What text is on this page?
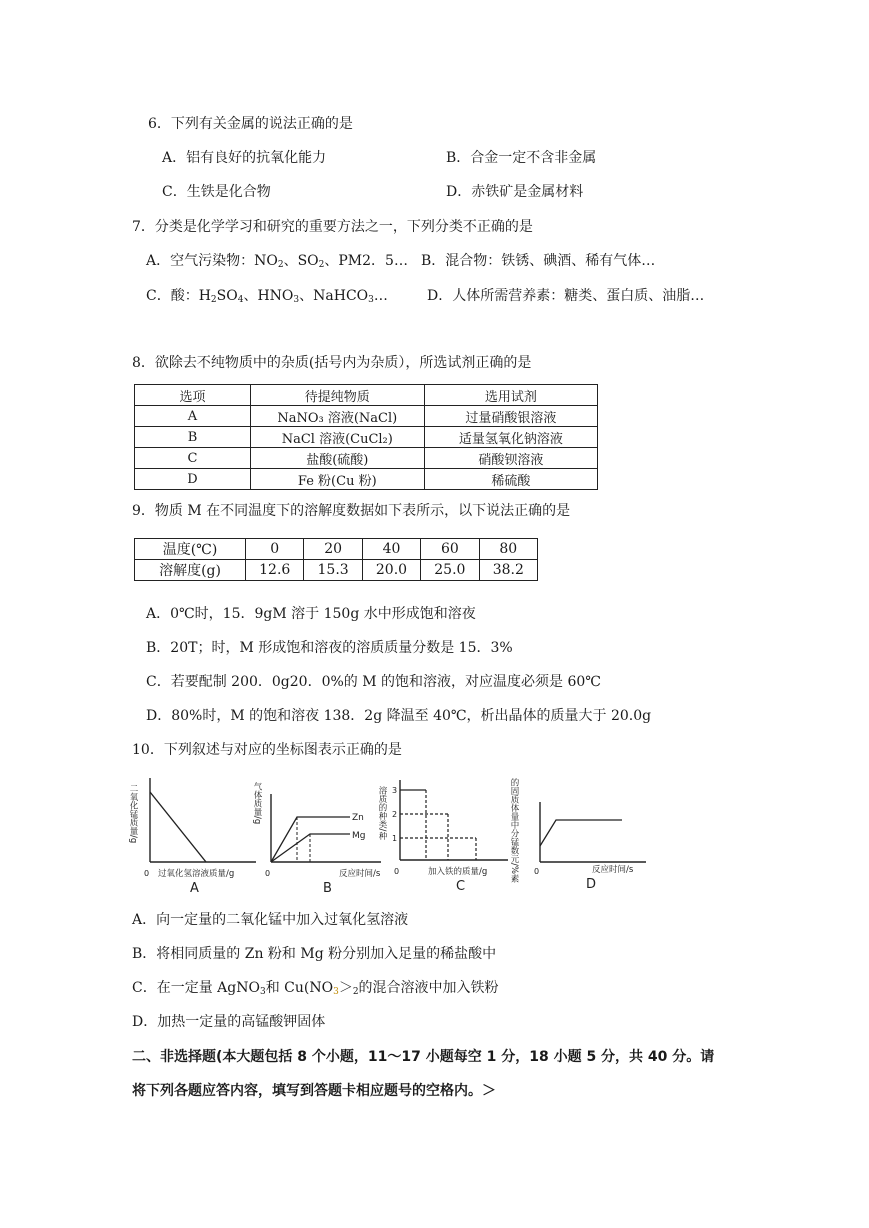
6．下列有关金属的说法正确的是
A．铝有良好的抗氧化能力	B．合金一定不含非金属
C．生铁是化合物	D．赤铁矿是金属材料
7．分类是化学学习和研究的重要方法之一，下列分类不正确的是
A．空气污染物：$NO_2$、$SO_2$、PM2．5… B．混合物：铁锈、碘酒、稀有气体…
C．酸：$H_2SO_4$、$HNO_3$、NaHCO$_3$…	D．人体所需营养素：糖类、蛋白质、油脂…
8．欲除去不纯物质中的杂质(括号内为杂质），所选试剂正确的是
选项	待提纯物质	选用试剂
A	NaNO₃ 溶液(NaCl)	过量硝酸银溶液
B	NaCl 溶液(CuCl₂)	适量氢氧化钠溶液
C	盐酸(硫酸)	硝酸钡溶液
D	Fe 粉(Cu 粉)	稀硫酸
9．物质 M 在不同温度下的溶解度数据如下表所示，以下说法正确的是
温度(℃)	0	20	40	60	80
溶解度(g)	12.6	15.3	20.0	25.0	38.2
A．0℃时，15．9gM 溶于 150g 水中形成饱和溶夜
B．20T；时，M 形成饱和溶夜的溶质质量分数是 15．3%
C．若要配制 200．0g20．0%的 M 的饱和溶液，对应温度必须是 60℃
D．80%时，M 的饱和溶夜 138．2g 降温至 40℃，析出晶体的质量大于 20.0g
10．下列叙述与对应的坐标图表示正确的是
二氧化锰质量/g
0 过氧化氢溶液质量/g
A
气体质量/g	Zn
Mg
0	反应时间/s
B
溶质的种类/种 3
2
1
0	加入铁的质量/g
C
的固质体量中分锰数元/%素 0	反应时间/s
D
A．向一定量的二氧化锰中加入过氧化氢溶液
B．将相同质量的 Zn 粉和 Mg 粉分别加入足量的稀盐酸中
C．在一定量 AgNO$_3$和 $Cu(NO_3>_2$的混合溶液中加入铁粉
D．加热一定量的高锰酸钾固体
二、非选择题(本大题包括 8 个小题，11～17 小题每空 1 分，18 小题 5 分，共 40 分。请
将下列各题应答内容，填写到答题卡相应题号的空格内。＞
